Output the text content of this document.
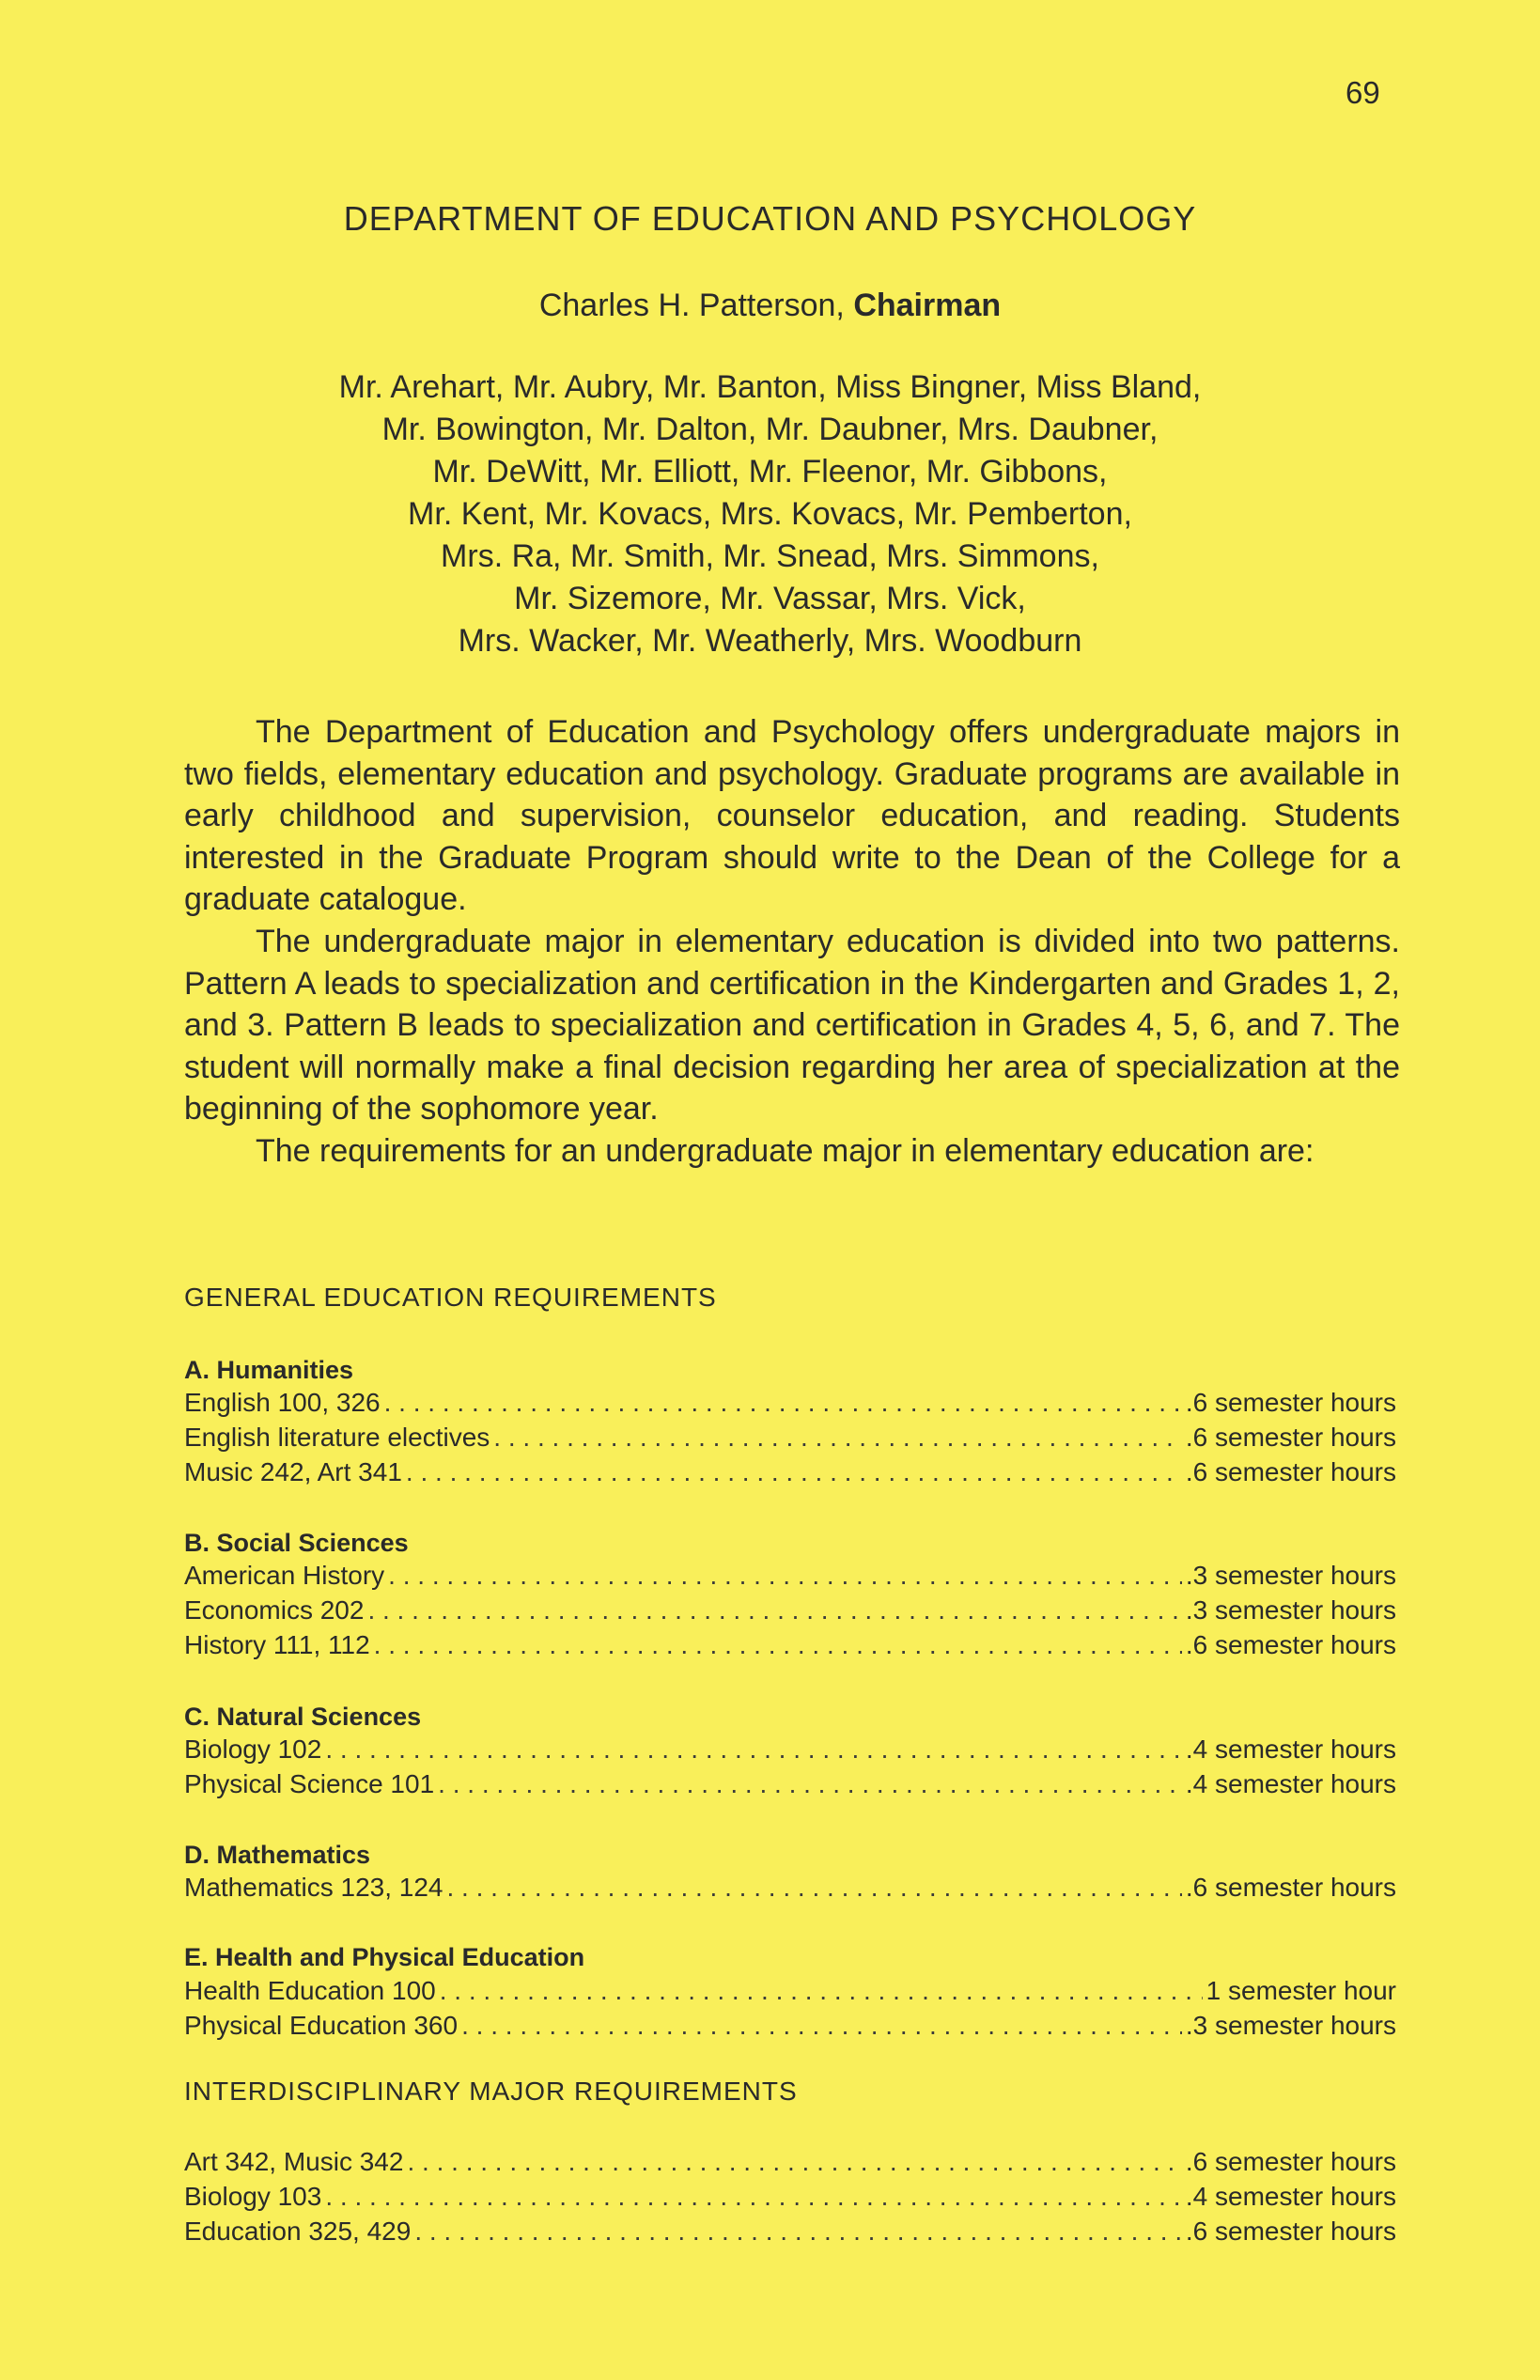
69
DEPARTMENT OF EDUCATION AND PSYCHOLOGY
Charles H. Patterson, Chairman
Mr. Arehart, Mr. Aubry, Mr. Banton, Miss Bingner, Miss Bland,
Mr. Bowington, Mr. Dalton, Mr. Daubner, Mrs. Daubner,
Mr. DeWitt, Mr. Elliott, Mr. Fleenor, Mr. Gibbons,
Mr. Kent, Mr. Kovacs, Mrs. Kovacs, Mr. Pemberton,
Mrs. Ra, Mr. Smith, Mr. Snead, Mrs. Simmons,
Mr. Sizemore, Mr. Vassar, Mrs. Vick,
Mrs. Wacker, Mr. Weatherly, Mrs. Woodburn

The Department of Education and Psychology offers undergraduate majors in two fields, elementary education and psychology. Graduate programs are available in early childhood and supervision, counselor education, and reading. Students interested in the Graduate Program should write to the Dean of the College for a graduate catalogue.

The undergraduate major in elementary education is divided into two patterns. Pattern A leads to specialization and certification in the Kindergarten and Grades 1, 2, and 3. Pattern B leads to specialization and certification in Grades 4, 5, 6, and 7. The student will normally make a final decision regarding her area of specialization at the beginning of the sophomore year.

The requirements for an undergraduate major in elementary education are:

GENERAL EDUCATION REQUIREMENTS
A. Humanities
English 100, 326 . . .	.6 semester hours
English literature electives . . .	.6 semester hours
Music 242, Art 341 . . .	.6 semester hours
B. Social Sciences
American History . . .	.3 semester hours
Economics 202 . . .	.3 semester hours
History 111, 112 . . .	.6 semester hours
C. Natural Sciences
Biology 102 . . .	.4 semester hours
Physical Science 101 . . .	.4 semester hours
D. Mathematics
Mathematics 123, 124 . . .	.6 semester hours
E. Health and Physical Education
Health Education 100 . . .	1 semester hour
Physical Education 360 . . .	.3 semester hours
INTERDISCIPLINARY MAJOR REQUIREMENTS
Art 342, Music 342 . . .	.6 semester hours
Biology 103 . . .	.4 semester hours
Education 325, 429 . . .	.6 semester hours
